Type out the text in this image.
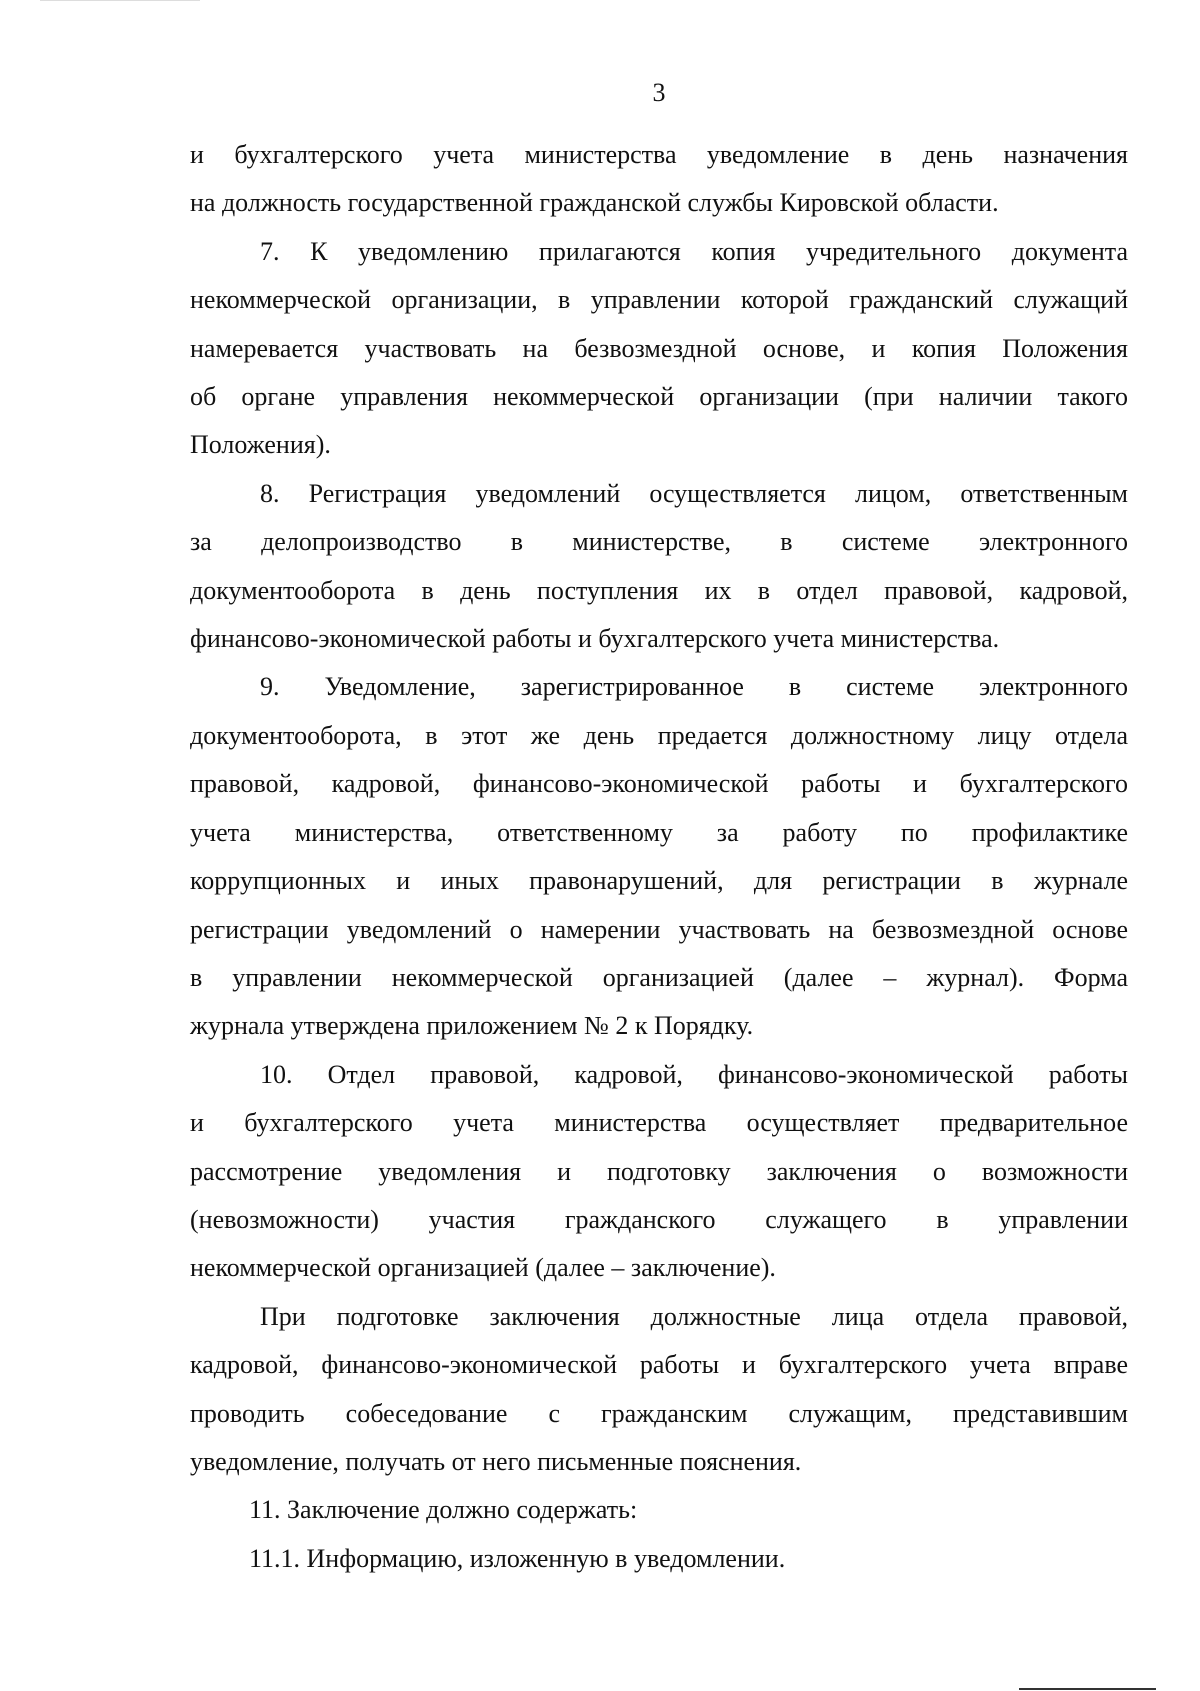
3
и бухгалтерского учета министерства уведомление в день назначения
на должность государственной гражданской службы Кировской области.
7. К уведомлению прилагаются копия учредительного документа
некоммерческой организации, в управлении которой гражданский служащий
намеревается участвовать на безвозмездной основе, и копия Положения
об органе управления некоммерческой организации (при наличии такого
Положения).
8. Регистрация уведомлений осуществляется лицом, ответственным
за делопроизводство в министерстве, в системе электронного
документооборота в день поступления их в отдел правовой, кадровой,
финансово-экономической работы и бухгалтерского учета министерства.
9. Уведомление, зарегистрированное в системе электронного
документооборота, в этот же день предается должностному лицу отдела
правовой, кадровой, финансово-экономической работы и бухгалтерского
учета министерства, ответственному за работу по профилактике
коррупционных и иных правонарушений, для регистрации в журнале
регистрации уведомлений о намерении участвовать на безвозмездной основе
в управлении некоммерческой организацией (далее – журнал). Форма
журнала утверждена приложением № 2 к Порядку.
10. Отдел правовой, кадровой, финансово-экономической работы
и бухгалтерского учета министерства осуществляет предварительное
рассмотрение уведомления и подготовку заключения о возможности
(невозможности) участия гражданского служащего в управлении
некоммерческой организацией (далее – заключение).
При подготовке заключения должностные лица отдела правовой,
кадровой, финансово-экономической работы и бухгалтерского учета вправе
проводить собеседование с гражданским служащим, представившим
уведомление, получать от него письменные пояснения.
11. Заключение должно содержать:
11.1. Информацию, изложенную в уведомлении.
